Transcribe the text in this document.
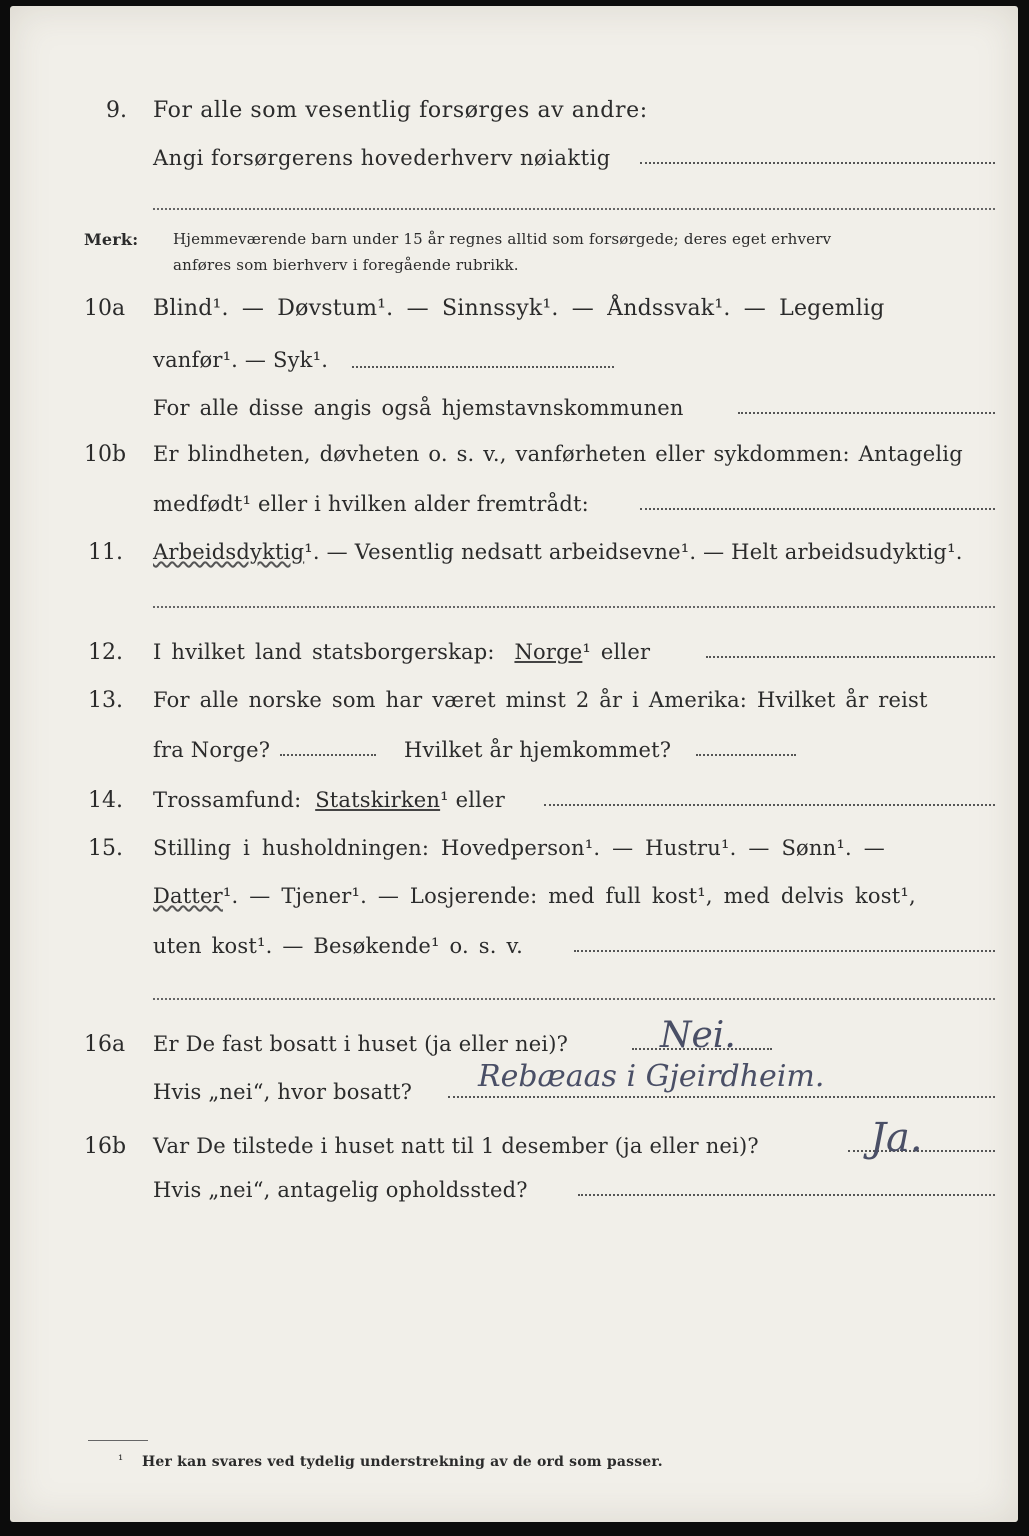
9. For alle som vesentlig forsørges av andre:
Angi forsørgerens hovederhverv nøiaktig
Merk: Hjemmeværende barn under 15 år regnes alltid som forsørgede; deres eget erhverv
anføres som bierhverv i foregående rubrikk.
10a Blind¹. — Døvstum¹. — Sinnssyk¹. — Åndssvak¹. — Legemlig
vanfør¹. — Syk¹.
For alle disse angis også hjemstavnskommunen
10b Er blindheten, døvheten o. s. v., vanførheten eller sykdommen: Antagelig
medfødt¹ eller i hvilken alder fremtrådt:
11. Arbeidsdyktig¹. — Vesentlig nedsatt arbeidsevne¹. — Helt arbeidsudyktig¹.
12. I hvilket land statsborgerskap: Norge¹ eller
13. For alle norske som har været minst 2 år i Amerika: Hvilket år reist
fra Norge?	Hvilket år hjemkommet?
14. Trossamfund: Statskirken¹ eller
15. Stilling i husholdningen: Hovedperson¹. — Hustru¹. — Sønn¹. —
Datter¹. — Tjener¹. — Losjerende: med full kost¹, med delvis kost¹,
uten kost¹. — Besøkende¹ o. s. v.
16a Er De fast bosatt i huset (ja eller nei)?	Nei.
Hvis „nei“, hvor bosatt? Rebæaas i Gjeirdheim.
16b Var De tilstede i huset natt til 1 desember (ja eller nei)?	Ja.
Hvis „nei“, antagelig opholdssted?
¹ Her kan svares ved tydelig understrekning av de ord som passer.
